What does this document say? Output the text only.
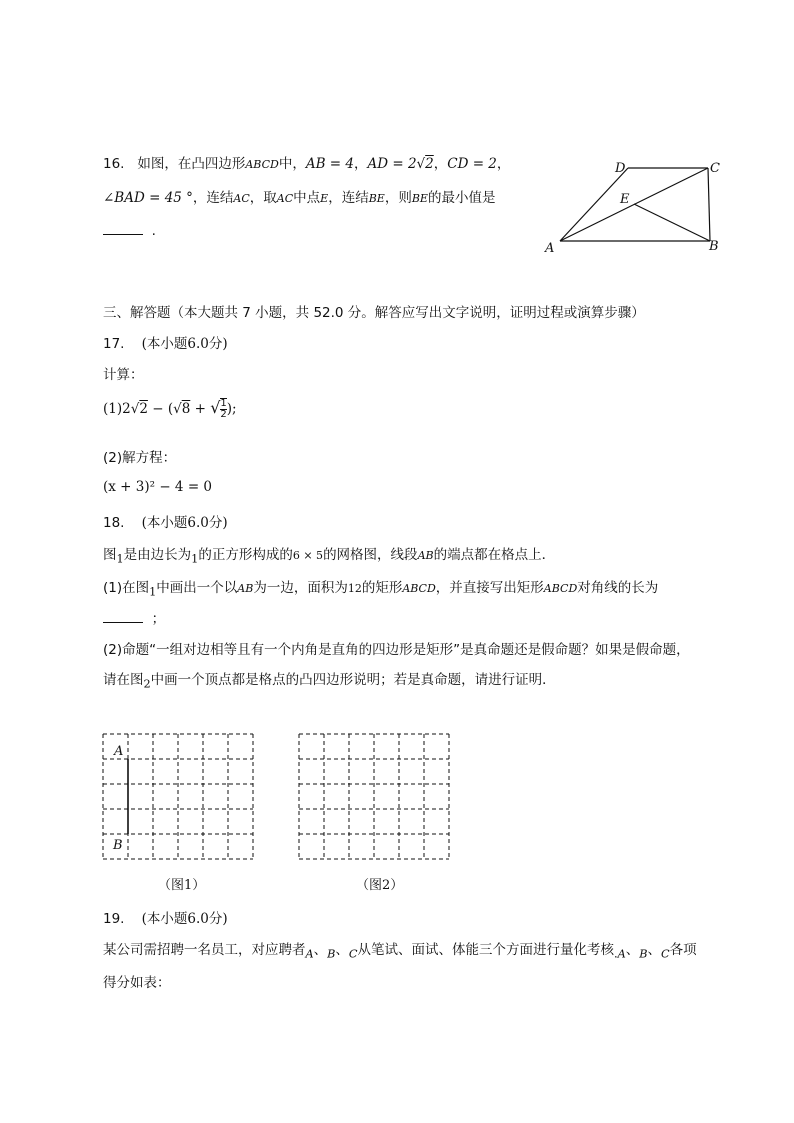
16. 如图，在凸四边形ABCD中，AB = 4，AD = 2√2，CD = 2，
∠BAD = 45 °，连结AC，取AC中点E，连结BE，则BE的最小值是
.
D	C
E
A	B
三、解答题（本大题共 7 小题，共 52.0 分。解答应写出文字说明，证明过程或演算步骤）
17. (本小题6.0分)
计算：
(1)2√2 − (√8 + √ $\frac{1}{2}$ );
(2)解方程：
(x + 3)² − 4 = 0
18. (本小题6.0分)
图$_1$是由边长为$_1$的正方形构成的6 × 5的网格图，线段AB的端点都在格点上．
(1)在图$_1$中画出一个以AB为一边，面积为12的矩形ABCD，并直接写出矩形ABCD对角线的长为
；
(2)命题“一组对边相等且有一个内角是直角的四边形是矩形”是真命题还是假命题？如果是假命题，
请在图$_2$中画一个顶点都是格点的凸四边形说明；若是真命题，请进行证明．
A
B
（图1）	（图2）
19. (本小题6.0分)
某公司需招聘一名员工，对应聘者$_A$、$_B$、$_C$从笔试、面试、体能三个方面进行量化考核$_{.A}$、$_B$、$_C$各项
得分如表：
